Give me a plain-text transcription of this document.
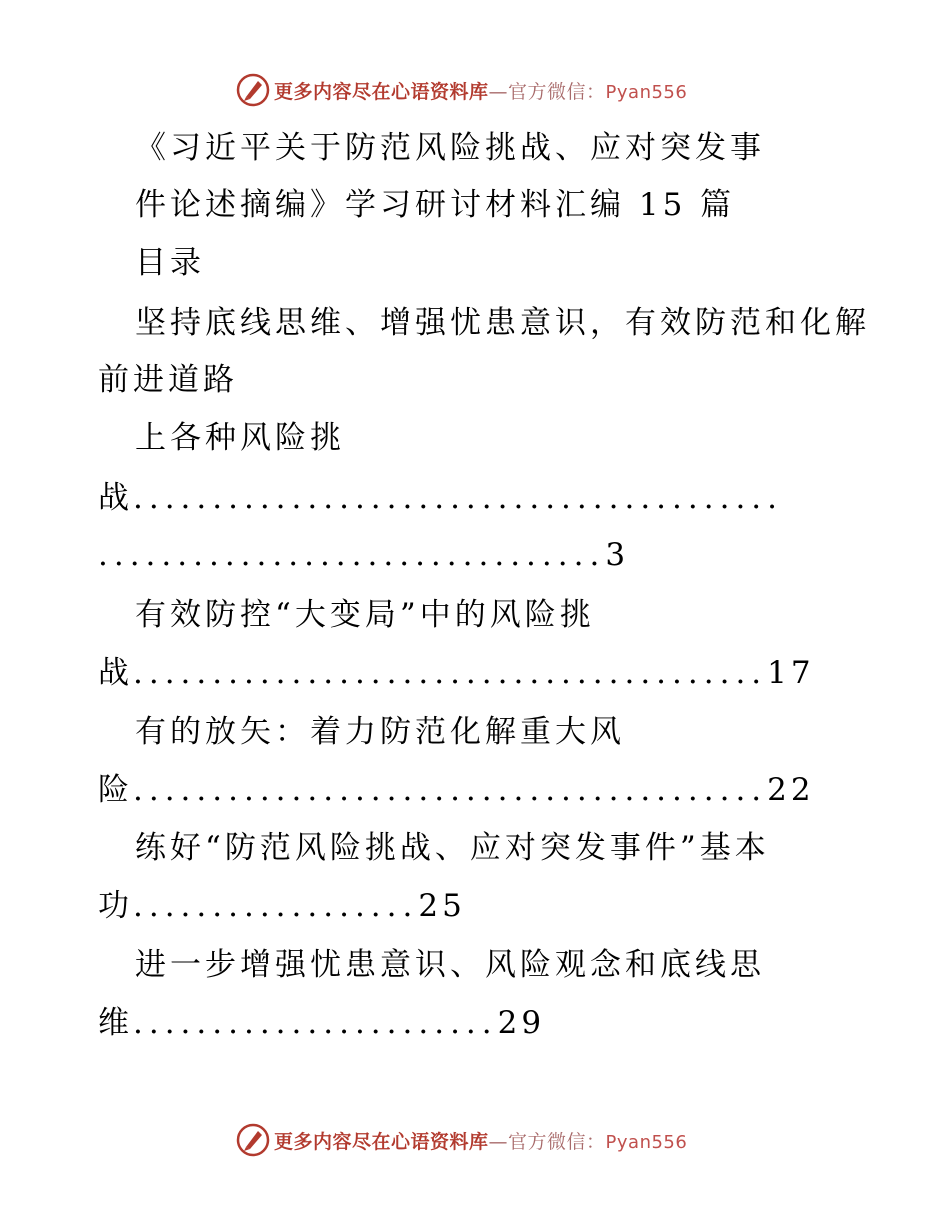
更多内容尽在心语资料库—官方微信：Pyan556
《习近平关于防范风险挑战、应对突发事
件论述摘编》学习研讨材料汇编 15 篇
目录
坚持底线思维、增强忧患意识，有效防范和化解
前进道路
上各种风险挑
战.........................................
................................3
有效防控“大变局”中的风险挑
战........................................17
有的放矢：着力防范化解重大风
险........................................22
练好“防范风险挑战、应对突发事件”基本
功..................25
进一步增强忧患意识、风险观念和底线思
维.......................29
更多内容尽在心语资料库—官方微信：Pyan556
